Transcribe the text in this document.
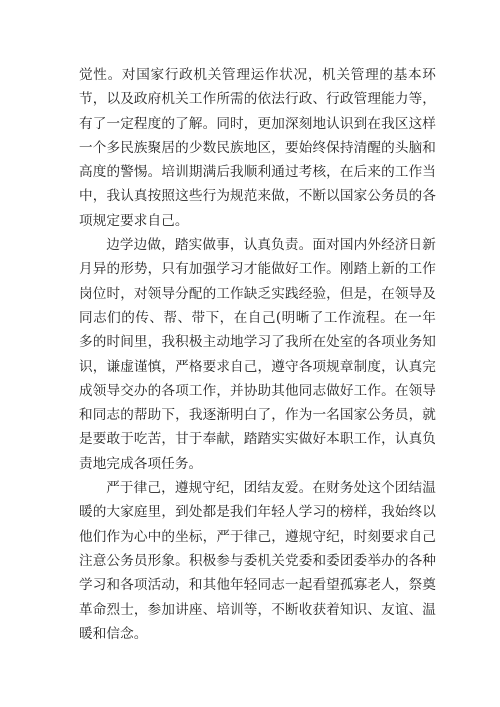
觉性。对国家行政机关管理运作状况，机关管理的基本环节，以及政府机关工作所需的依法行政、行政管理能力等，有了一定程度的了解。同时，更加深刻地认识到在我区这样一个多民族聚居的少数民族地区，要始终保持清醒的头脑和高度的警惕。培训期满后我顺利通过考核，在后来的工作当中，我认真按照这些行为规范来做，不断以国家公务员的各项规定要求自己。

边学边做，踏实做事，认真负责。面对国内外经济日新月异的形势，只有加强学习才能做好工作。刚踏上新的工作岗位时，对领导分配的工作缺乏实践经验，但是，在领导及同志们的传、帮、带下，在自己(明晰了工作流程。在一年多的时间里，我积极主动地学习了我所在处室的各项业务知识，谦虚谨慎，严格要求自己，遵守各项规章制度，认真完成领导交办的各项工作，并协助其他同志做好工作。在领导和同志的帮助下，我逐渐明白了，作为一名国家公务员，就是要敢于吃苦，甘于奉献，踏踏实实做好本职工作，认真负责地完成各项任务。

严于律己，遵规守纪，团结友爱。在财务处这个团结温暖的大家庭里，到处都是我们年轻人学习的榜样，我始终以他们作为心中的坐标，严于律己，遵规守纪，时刻要求自己注意公务员形象。积极参与委机关党委和委团委举办的各种学习和各项活动，和其他年轻同志一起看望孤寡老人，祭奠革命烈士，参加讲座、培训等，不断收获着知识、友谊、温暖和信念。
